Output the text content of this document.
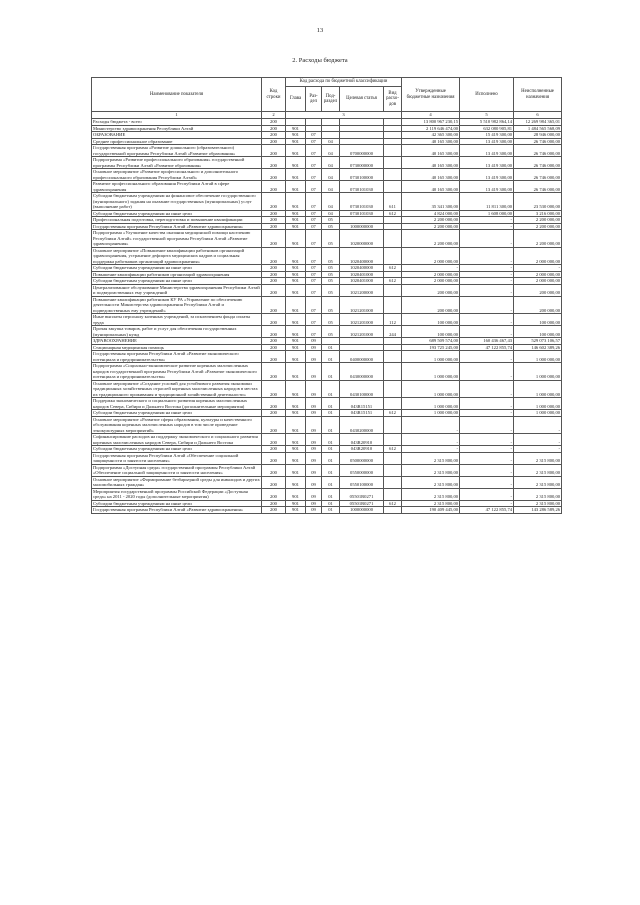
13
2. Расходы бюджета
Наименование показателя	Код строки	Код расхода по бюджетной классификации					Утвержденные бюджетные назначения	Исполнено	Неисполненные назначения
		Глава	Раз-дел	Под-раздел	Целевая статья	Вид расхо-дов			
1	2	3					4	5	6
Расходы бюджета - всего	200						13 800 967 230,15	5 510 982 864,14	12 269 984 365,01
Министерство здравоохранения Республики Алтай	200	901					2 119 646 474,00	632 080 905,81	1 484 565 568,09
ОБРАЗОВАНИЕ	200	901	07				42 365 300,00	15 419 300,00	28 946 000,00
Среднее профессиональное образование	200	901	07	04			40 165 300,00	13 419 300,00	26 746 000,00
Государственная программа «Развитие дошкольного (образовательного) государственной программы Республики Алтай «Развитие образования»	200	901	07	04	0700000000		40 165 300,00	13 419 300,00	26 746 000,00
Подпрограмма «Развитие профессионального образования» государственной программы Республики Алтай «Развитие образования»	200	901	07	04	0730000000		40 165 300,00	13 419 300,00	26 746 000,00
Основное мероприятие «Развитие профессионального и дополнительного профессионального образования Республики Алтай»	200	901	07	04	0730100000		40 165 300,00	13 419 300,00	26 746 000,00
Развитие профессионального образования Республики Алтай в сфере здравоохранения	200	901	07	04	0730101030		40 165 300,00	13 419 300,00	26 746 000,00
Субсидии бюджетным учреждениям на финансовое обеспечение государственного (муниципального) задания на оказание государственных (муниципальных) услуг (выполнение работ)	200	901	07	04	0730101030	611	35 341 300,00	11 811 300,00	23 530 000,00
Субсидии бюджетным учреждениям на иные цели	200	901	07	04	0730101030	612	4 824 000,00	1 608 000,00	3 216 000,00
Профессиональная подготовка, переподготовка и повышение квалификации	200	901	07	05			2 200 000,00	-	2 200 000,00
Государственная программа Республики Алтай «Развитие здравоохранения»	200	901	07	05	1000000000		2 200 000,00	-	2 200 000,00
Подпрограмма «Улучшение качества оказания медицинской помощи населению Республики Алтай» государственной программы Республики Алтай «Развитие здравоохранения»	200	901	07	05	1020000000		2 200 000,00	-	2 200 000,00
Основное мероприятие «Повышение квалификации работников организаций здравоохранения, устранение дефицита медицинских кадров и социальная поддержка работников организаций здравоохранения»	200	901	07	05	1020400000		2 000 000,00	-	2 000 000,00
Субсидии бюджетным учреждениям на иные цели	200	901	07	05	1020400000	612	-	-	-
Повышение квалификации работников организаций здравоохранения	200	901	07	05	1020401000		2 000 000,00	-	2 000 000,00
Субсидии бюджетным учреждениям на иные цели	200	901	07	05	1020401000	612	2 000 000,00	-	2 000 000,00
Централизованное обслуживание Министерства здравоохранения Республики Алтай и подведомственных ему учреждений	200	901	07	05	1021200000		200 000,00	-	200 000,00
Повышение квалификации работников КУ РА «Управление по обеспечению деятельности Министерства здравоохранения Республики Алтай и подведомственных ему учреждений»	200	901	07	05	1021201000		200 000,00	-	200 000,00
Иные выплаты персоналу казенных учреждений, за исключением фонда оплаты труда	200	901	07	05	1021201000	112	100 000,00	-	100 000,00
Прочая закупка товаров, работ и услуг для обеспечения государственных (муниципальных) нужд	200	901	07	05	1021201000	244	100 000,00	-	100 000,00
ЗДРАВООХРАНЕНИЕ	200	901	09				689 509 574,00	160 436 467,43	529 073 106,57
Стационарная медицинская помощь	200	901	09	01			193 725 245,00	47 122 855,74	146 602 389,26
Государственная программа Республики Алтай «Развитие экономического потенциала и предпринимательства»	200	901	09	01	0400000000		1 000 000,00	-	1 000 000,00
Подпрограмма «Социально-экономическое развитие коренных малочисленных народов государственной программы Республики Алтай «Развитие экономического потенциала и предпринимательства»	200	901	09	01	0430000000		1 000 000,00	-	1 000 000,00
Основное мероприятие «Создание условий для устойчивого развития экономики традиционных хозяйственных отраслей коренных малочисленных народов в местах их традиционного проживания и традиционной хозяйственной деятельности»	200	901	09	01	0430100000		1 000 000,00	-	1 000 000,00
Поддержка экономического и социального развития коренных малочисленных народов Севера, Сибири и Дальнего Востока (дополнительные мероприятия)	200	901	09	01	043R15151		1 000 000,00	-	1 000 000,00
Субсидии бюджетным учреждениям на иные цели	200	901	09	01	043R15151	612	1 000 000,00	-	1 000 000,00
Основное мероприятие «Развитие сферы образования, культуры и качественного обслуживания коренных малочисленных народов в том числе проведение этнокультурных мероприятий»	200	901	09	01	0430200000		-	-	-
Софинансирование расходов на поддержку экономического и социального развития коренных малочисленных народов Севера, Сибири и Дальнего Востока	200	901	09	01	043R20910		-	-	-
Субсидии бюджетным учреждениям на иные цели	200	901	09	01	043R20910	612	-	-	-
Государственная программа Республики Алтай «Обеспечение социальной защищенности и занятости населения»	200	901	09	01	0500000000		2 315 800,00	-	2 315 800,00
Подпрограмма «Доступная среда» государственной программы Республики Алтай «Обеспечение социальной защищенности и занятости населения»	200	901	09	01	0550000000		2 315 800,00	-	2 315 800,00
Основное мероприятие «Формирование безбарьерной среды для инвалидов и других маломобильных граждан»	200	901	09	01	0550100000		2 315 800,00	-	2 315 800,00
Мероприятия государственной программы Российской Федерации «Доступная среда» на 2011 - 2020 годы (дополнительные мероприятия)	200	901	09	01	05501R0271		2 315 800,00	-	2 315 800,00
Субсидии бюджетным учреждениям на иные цели	200	901	09	01	05501R0271	612	2 315 800,00	-	2 315 800,00
Государственная программа Республики Алтай «Развитие здравоохранения»	200	901	09	01	1000000000		190 409 445,00	47 122 855,74	143 286 589,26
